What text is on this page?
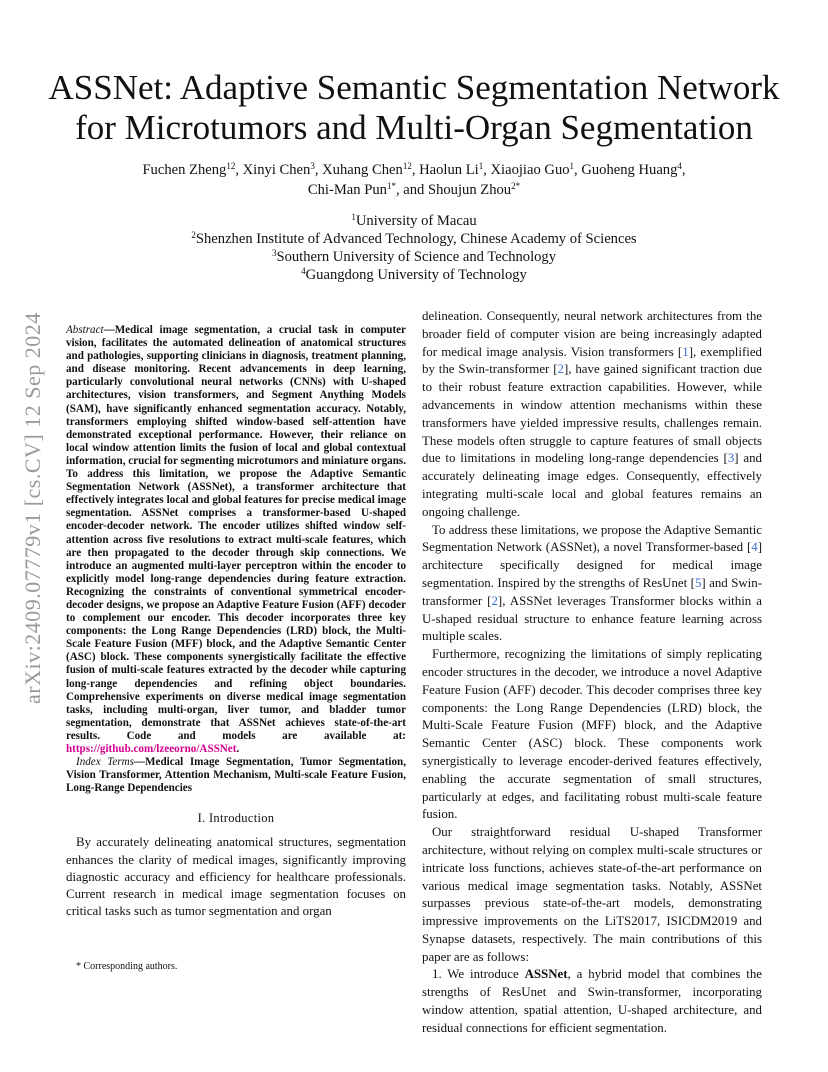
arXiv:2409.07779v1 [cs.CV] 12 Sep 2024
ASSNet: Adaptive Semantic Segmentation Network for Microtumors and Multi-Organ Segmentation
Fuchen Zheng$^{12}$, Xinyi Chen$^3$, Xuhang Chen$^{12}$, Haolun Li$^1$, Xiaojiao Guo$^1$, Guoheng Huang$^4$,
Chi-Man Pun$^{1*}$, and Shoujun Zhou$^{2*}$
$^1$University of Macau
$^2$Shenzhen Institute of Advanced Technology, Chinese Academy of Sciences
$^3$Southern University of Science and Technology
$^4$Guangdong University of Technology

Abstract—Medical image segmentation, a crucial task in computer vision, facilitates the automated delineation of anatomical structures and pathologies, supporting clinicians in diagnosis, treatment planning, and disease monitoring. Recent advancements in deep learning, particularly convolutional neural networks (CNNs) with U-shaped architectures, vision transformers, and Segment Anything Models (SAM), have significantly enhanced segmentation accuracy. Notably, transformers employing shifted window-based self-attention have demonstrated exceptional performance. However, their reliance on local window attention limits the fusion of local and global contextual information, crucial for segmenting microtumors and miniature organs. To address this limitation, we propose the Adaptive Semantic Segmentation Network (ASSNet), a transformer architecture that effectively integrates local and global features for precise medical image segmentation. ASSNet comprises a transformer-based U-shaped encoder-decoder network. The encoder utilizes shifted window self-attention across five resolutions to extract multi-scale features, which are then propagated to the decoder through skip connections. We introduce an augmented multi-layer perceptron within the encoder to explicitly model long-range dependencies during feature extraction. Recognizing the constraints of conventional symmetrical encoder-decoder designs, we propose an Adaptive Feature Fusion (AFF) decoder to complement our encoder. This decoder incorporates three key components: the Long Range Dependencies (LRD) block, the Multi-Scale Feature Fusion (MFF) block, and the Adaptive Semantic Center (ASC) block. These components synergistically facilitate the effective fusion of multi-scale features extracted by the decoder while capturing long-range dependencies and refining object boundaries. Comprehensive experiments on diverse medical image segmentation tasks, including multi-organ, liver tumor, and bladder tumor segmentation, demonstrate that ASSNet achieves state-of-the-art results. Code and models are available at: https://github.com/lzeeorno/ASSNet.

Index Terms—Medical Image Segmentation, Tumor Segmentation, Vision Transformer, Attention Mechanism, Multi-scale Feature Fusion, Long-Range Dependencies

I. Introduction

By accurately delineating anatomical structures, segmentation enhances the clarity of medical images, significantly improving diagnostic accuracy and efficiency for healthcare professionals. Current research in medical image segmentation focuses on critical tasks such as tumor segmentation and organ

* Corresponding authors.

delineation. Consequently, neural network architectures from the broader field of computer vision are being increasingly adapted for medical image analysis. Vision transformers [1], exemplified by the Swin-transformer [2], have gained significant traction due to their robust feature extraction capabilities. However, while advancements in window attention mechanisms within these transformers have yielded impressive results, challenges remain. These models often struggle to capture features of small objects due to limitations in modeling long-range dependencies [3] and accurately delineating image edges. Consequently, effectively integrating multi-scale local and global features remains an ongoing challenge.

To address these limitations, we propose the Adaptive Semantic Segmentation Network (ASSNet), a novel Transformer-based [4] architecture specifically designed for medical image segmentation. Inspired by the strengths of ResUnet [5] and Swin-transformer [2], ASSNet leverages Transformer blocks within a U-shaped residual structure to enhance feature learning across multiple scales.

Furthermore, recognizing the limitations of simply replicating encoder structures in the decoder, we introduce a novel Adaptive Feature Fusion (AFF) decoder. This decoder comprises three key components: the Long Range Dependencies (LRD) block, the Multi-Scale Feature Fusion (MFF) block, and the Adaptive Semantic Center (ASC) block. These components work synergistically to leverage encoder-derived features effectively, enabling the accurate segmentation of small structures, particularly at edges, and facilitating robust multi-scale feature fusion.

Our straightforward residual U-shaped Transformer architecture, without relying on complex multi-scale structures or intricate loss functions, achieves state-of-the-art performance on various medical image segmentation tasks. Notably, ASSNet surpasses previous state-of-the-art models, demonstrating impressive improvements on the LiTS2017, ISICDM2019 and Synapse datasets, respectively. The main contributions of this paper are as follows:

1. We introduce ASSNet, a hybrid model that combines the strengths of ResUnet and Swin-transformer, incorporating window attention, spatial attention, U-shaped architecture, and residual connections for efficient segmentation.
